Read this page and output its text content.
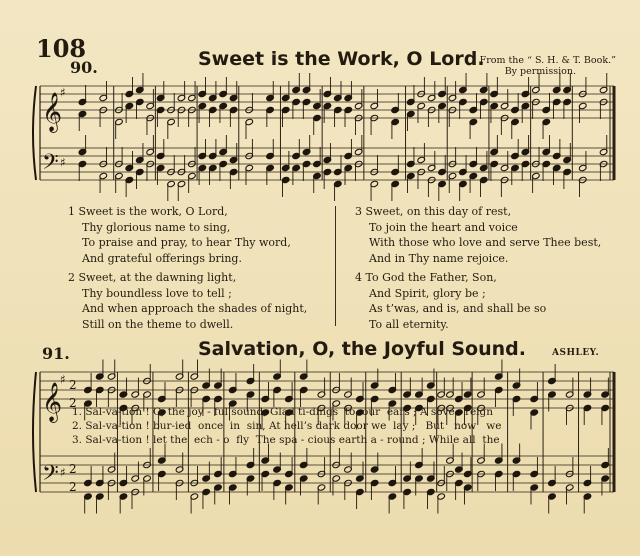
108
90.	Sweet is the Work, O Lord.
From the “ S. H. & T. Book.”
By permission.
𝄞
𝄢
♯
♯
1 Sweet is the work, O Lord,
Thy glorious name to sing,
To praise and pray, to hear Thy word,
And grateful offerings bring.
2 Sweet, at the dawning light,
Thy boundless love to tell ;
And when approach the shades of night,
Still on the theme to dwell.
3 Sweet, on this day of rest,
To join the heart and voice
With those who love and serve Thee best,
And in Thy name rejoice.
4 To God the Father, Son,
And Spirit, glory be ;
As t’was, and is, and shall be so
To all eternity.
91.	Salvation, O, the Joyful Sound.	ASHLEY.
𝄞
𝄢
♯
♯
2
2
2
2
1. Sal-va-tion ! O, the joy - ful sound, Glad ti-dings to our ears ; A sove - reign
2. Sal-va-tion ! bur-ied once in sin, At hell’s dark door we lay ; But now we
3. Sal-va-tion ! let the ech - o fly The spa - cious earth a - round ; While all the
